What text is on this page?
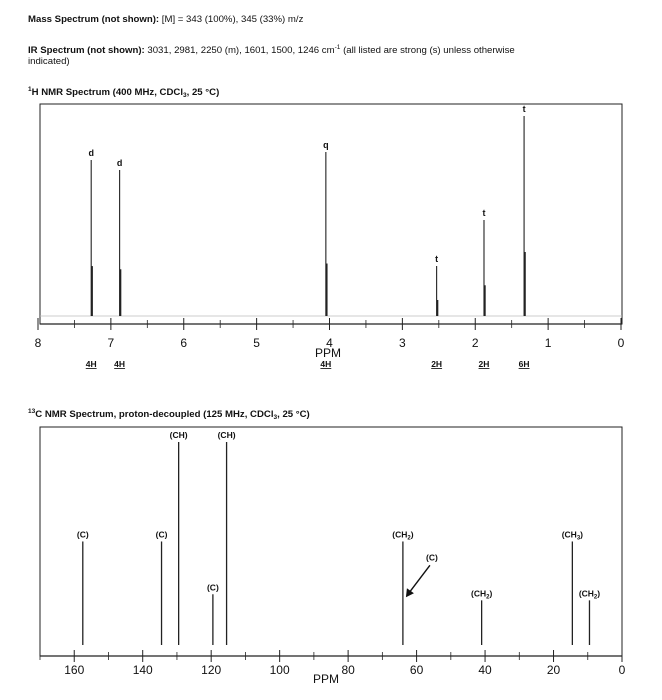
Mass Spectrum (not shown): [M] = 343 (100%), 345 (33%) m/z
IR Spectrum (not shown): 3031, 2981, 2250 (m), 1601, 1500, 1246 $cm^{-1}$ (all listed are strong (s) unless otherwise
indicated)
$^1$H NMR Spectrum (400 MHz, CDCl$_3$, 25 °C)
$^{13}$C NMR Spectrum, proton-decoupled (125 MHz, CDCl$_3$, 25 °C)
8	7	6	5	4	3	2	1	0
PPM
d
d
q
t
t
t
4H 4H	4H	2H	2H	6H
160	140	120	100	80	60	40	20	0
PPM
(C)	(C)
(CH)
(C)
(CH)
$(CH_2)$
(C)
$(CH_2)$
$(CH_3)$
$(CH_2)$
